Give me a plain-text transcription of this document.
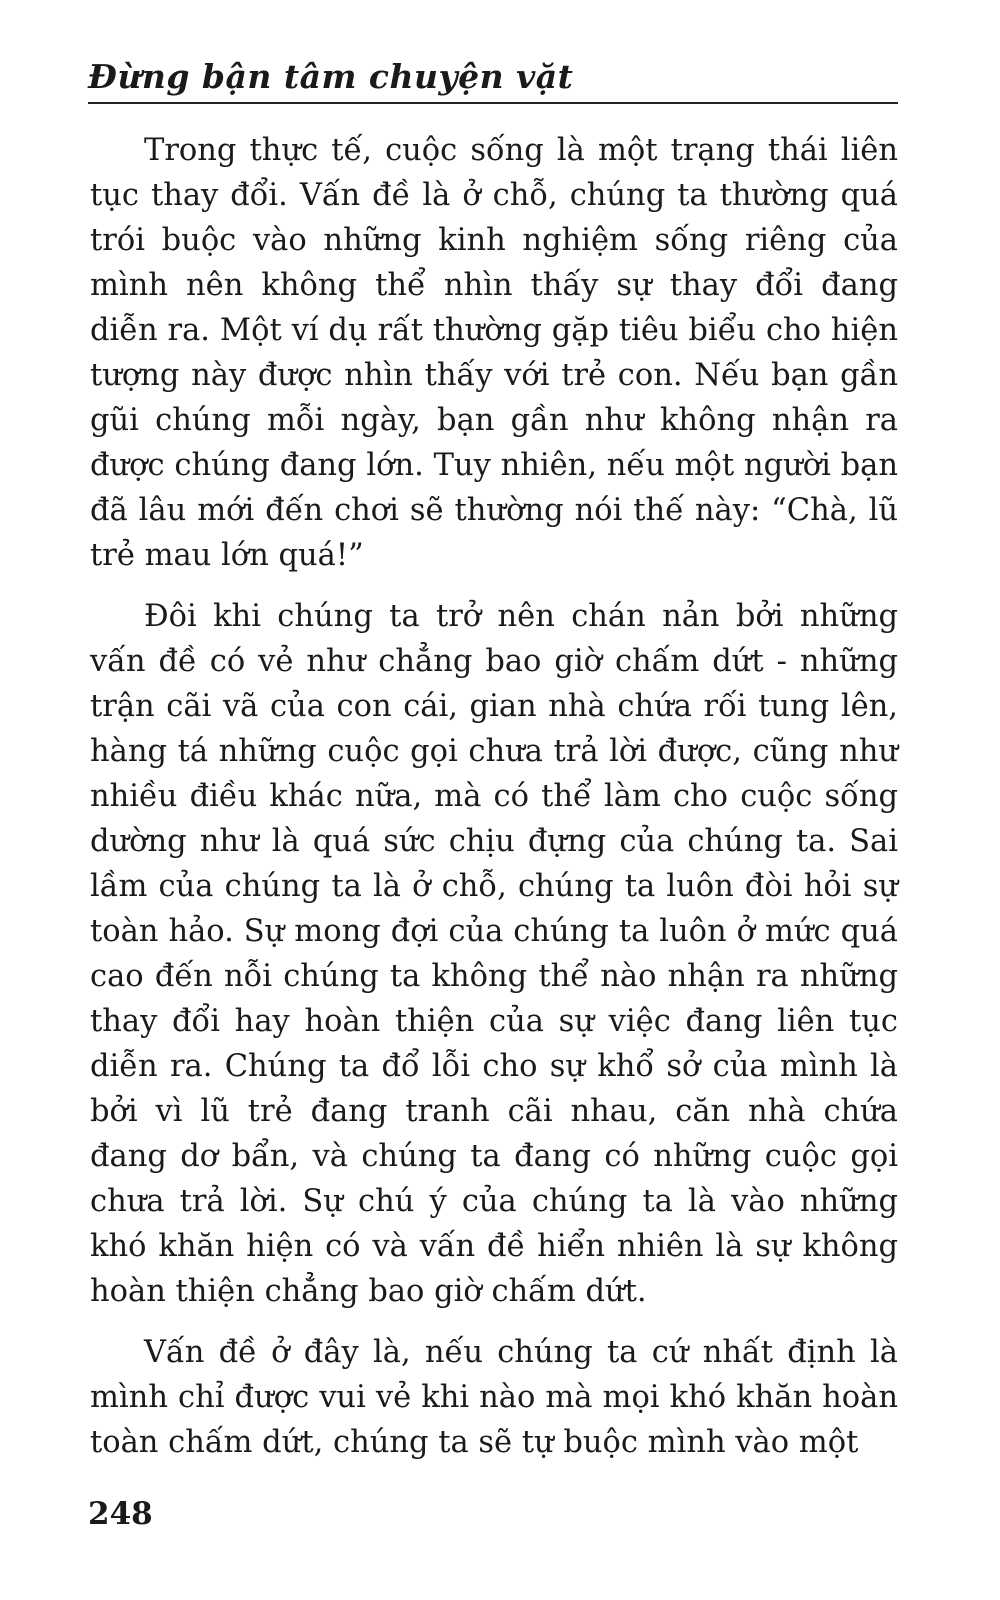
Đừng bận tâm chuyện vặt

Trong thực tế, cuộc sống là một trạng thái liên tục thay đổi. Vấn đề là ở chỗ, chúng ta thường quá trói buộc vào những kinh nghiệm sống riêng của mình nên không thể nhìn thấy sự thay đổi đang diễn ra. Một ví dụ rất thường gặp tiêu biểu cho hiện tượng này được nhìn thấy với trẻ con. Nếu bạn gần gũi chúng mỗi ngày, bạn gần như không nhận ra được chúng đang lớn. Tuy nhiên, nếu một người bạn đã lâu mới đến chơi sẽ thường nói thế này: “Chà, lũ trẻ mau lớn quá!”

Đôi khi chúng ta trở nên chán nản bởi những vấn đề có vẻ như chẳng bao giờ chấm dứt - những trận cãi vã của con cái, gian nhà chứa rối tung lên, hàng tá những cuộc gọi chưa trả lời được, cũng như nhiều điều khác nữa, mà có thể làm cho cuộc sống dường như là quá sức chịu đựng của chúng ta. Sai lầm của chúng ta là ở chỗ, chúng ta luôn đòi hỏi sự toàn hảo. Sự mong đợi của chúng ta luôn ở mức quá cao đến nỗi chúng ta không thể nào nhận ra những thay đổi hay hoàn thiện của sự việc đang liên tục diễn ra. Chúng ta đổ lỗi cho sự khổ sở của mình là bởi vì lũ trẻ đang tranh cãi nhau, căn nhà chứa đang dơ bẩn, và chúng ta đang có những cuộc gọi chưa trả lời. Sự chú ý của chúng ta là vào những khó khăn hiện có và vấn đề hiển nhiên là sự không hoàn thiện chẳng bao giờ chấm dứt.

Vấn đề ở đây là, nếu chúng ta cứ nhất định là mình chỉ được vui vẻ khi nào mà mọi khó khăn hoàn toàn chấm dứt, chúng ta sẽ tự buộc mình vào một

248
